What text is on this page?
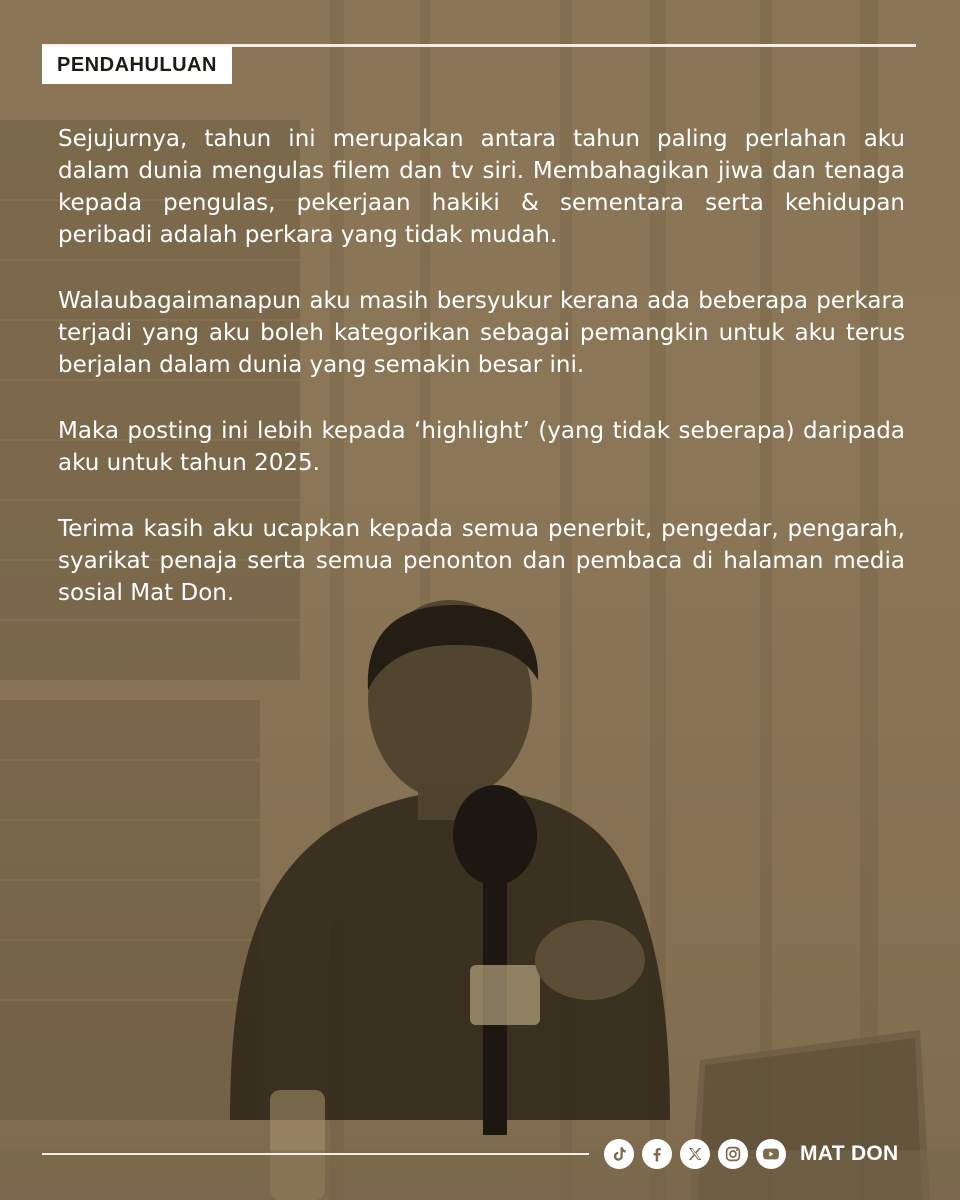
PENDAHULUAN

Sejujurnya, tahun ini merupakan antara tahun paling perlahan aku dalam dunia mengulas filem dan tv siri. Membahagikan jiwa dan tenaga kepada pengulas, pekerjaan hakiki & sementara serta kehidupan peribadi adalah perkara yang tidak mudah.

Walaubagaimanapun aku masih bersyukur kerana ada beberapa perkara terjadi yang aku boleh kategorikan sebagai pemangkin untuk aku terus berjalan dalam dunia yang semakin besar ini.

Maka posting ini lebih kepada ‘highlight’ (yang tidak seberapa) daripada aku untuk tahun 2025.

Terima kasih aku ucapkan kepada semua penerbit, pengedar, pengarah, syarikat penaja serta semua penonton dan pembaca di halaman media sosial Mat Don.

MAT DON
